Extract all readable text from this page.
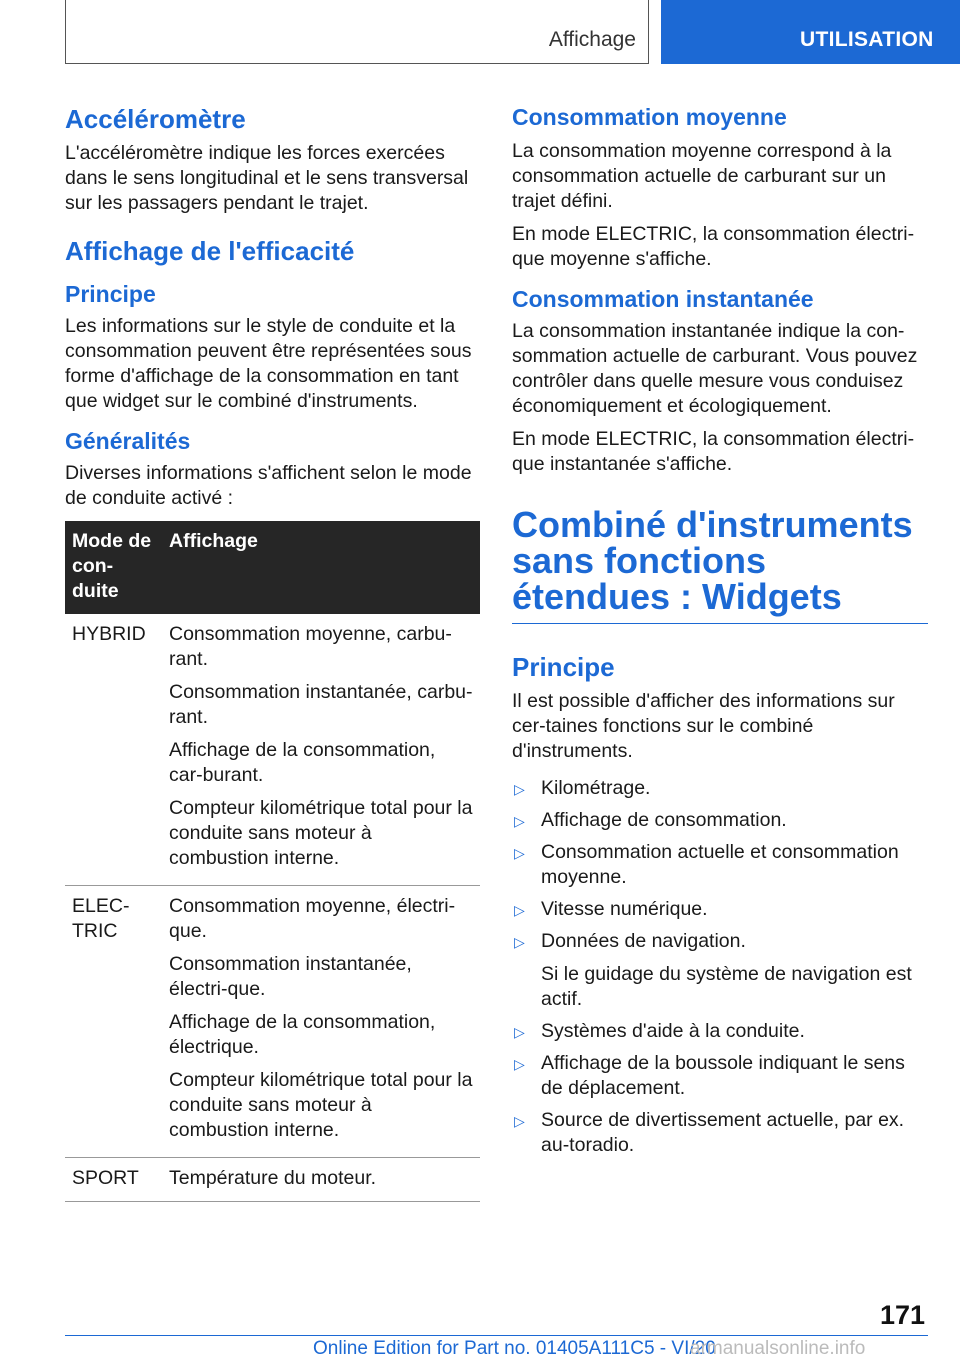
Affichage	UTILISATION
Accéléromètre

L'accéléromètre indique les forces exercées dans le sens longitudinal et le sens transversal sur les passagers pendant le trajet.

Affichage de l'efficacité
Principe

Les informations sur le style de conduite et la consommation peuvent être représentées sous forme d'affichage de la consommation en tant que widget sur le combiné d'instruments.

Généralités

Diverses informations s'affichent selon le mode de conduite activé :

Mode de con-duite	Affichage
HYBRID	Consommation moyenne, carbu-rant.

Consommation instantanée, carbu-rant.

Affichage de la consommation, car-burant.

Compteur kilométrique total pour la conduite sans moteur à combustion interne.

ELEC-TRIC	Consommation moyenne, électri-que.

Consommation instantanée, électri-que.

Affichage de la consommation, électrique.

Compteur kilométrique total pour la conduite sans moteur à combustion interne.

SPORT	Température du moteur.

Consommation moyenne

La consommation moyenne correspond à la consommation actuelle de carburant sur un trajet défini.

En mode ELECTRIC, la consommation électri-que moyenne s'affiche.

Consommation instantanée

La consommation instantanée indique la con-sommation actuelle de carburant. Vous pouvez contrôler dans quelle mesure vous conduisez économiquement et écologiquement.

En mode ELECTRIC, la consommation électri-que instantanée s'affiche.

Combiné d'instruments sans fonctions étendues : Widgets
Principe

Il est possible d'afficher des informations sur cer-taines fonctions sur le combiné d'instruments.

▷ Kilométrage.
▷ Affichage de consommation.
▷ Consommation actuelle et consommation moyenne.
▷ Vitesse numérique.
▷ Données de navigation.
Si le guidage du système de navigation est actif.
▷ Systèmes d'aide à la conduite.
▷ Affichage de la boussole indiquant le sens de déplacement.
▷ Source de divertissement actuelle, par ex. au-toradio.
171
Online Edition for Part no. 01405A111C5 - VI/20
armanualsonline.info
